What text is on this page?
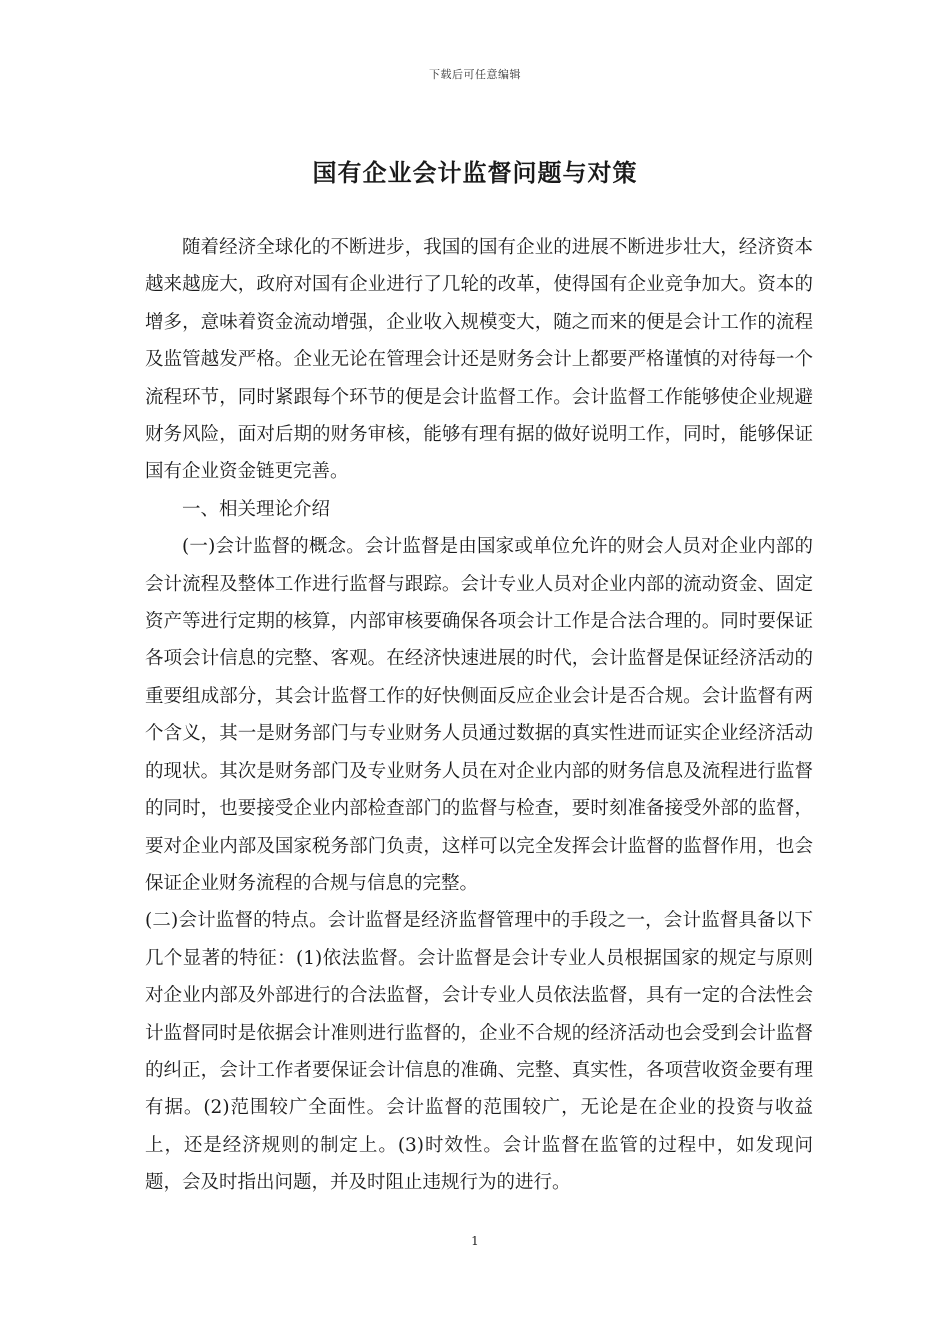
下载后可任意编辑
国有企业会计监督问题与对策

随着经济全球化的不断进步，我国的国有企业的进展不断进步壮大，经济资本越来越庞大，政府对国有企业进行了几轮的改革，使得国有企业竞争加大。资本的增多，意味着资金流动增强，企业收入规模变大，随之而来的便是会计工作的流程及监管越发严格。企业无论在管理会计还是财务会计上都要严格谨慎的对待每一个流程环节，同时紧跟每个环节的便是会计监督工作。会计监督工作能够使企业规避财务风险，面对后期的财务审核，能够有理有据的做好说明工作，同时，能够保证国有企业资金链更完善。

一、相关理论介绍

(一)会计监督的概念。会计监督是由国家或单位允许的财会人员对企业内部的会计流程及整体工作进行监督与跟踪。会计专业人员对企业内部的流动资金、固定资产等进行定期的核算，内部审核要确保各项会计工作是合法合理的。同时要保证各项会计信息的完整、客观。在经济快速进展的时代，会计监督是保证经济活动的重要组成部分，其会计监督工作的好快侧面反应企业会计是否合规。会计监督有两个含义，其一是财务部门与专业财务人员通过数据的真实性进而证实企业经济活动的现状。其次是财务部门及专业财务人员在对企业内部的财务信息及流程进行监督的同时，也要接受企业内部检查部门的监督与检查，要时刻准备接受外部的监督，要对企业内部及国家税务部门负责，这样可以完全发挥会计监督的监督作用，也会保证企业财务流程的合规与信息的完整。

(二)会计监督的特点。会计监督是经济监督管理中的手段之一，会计监督具备以下几个显著的特征：(1)依法监督。会计监督是会计专业人员根据国家的规定与原则对企业内部及外部进行的合法监督，会计专业人员依法监督，具有一定的合法性会计监督同时是依据会计准则进行监督的，企业不合规的经济活动也会受到会计监督的纠正，会计工作者要保证会计信息的准确、完整、真实性，各项营收资金要有理有据。(2)范围较广全面性。会计监督的范围较广，无论是在企业的投资与收益上，还是经济规则的制定上。(3)时效性。会计监督在监管的过程中，如发现问题，会及时指出问题，并及时阻止违规行为的进行。

1
